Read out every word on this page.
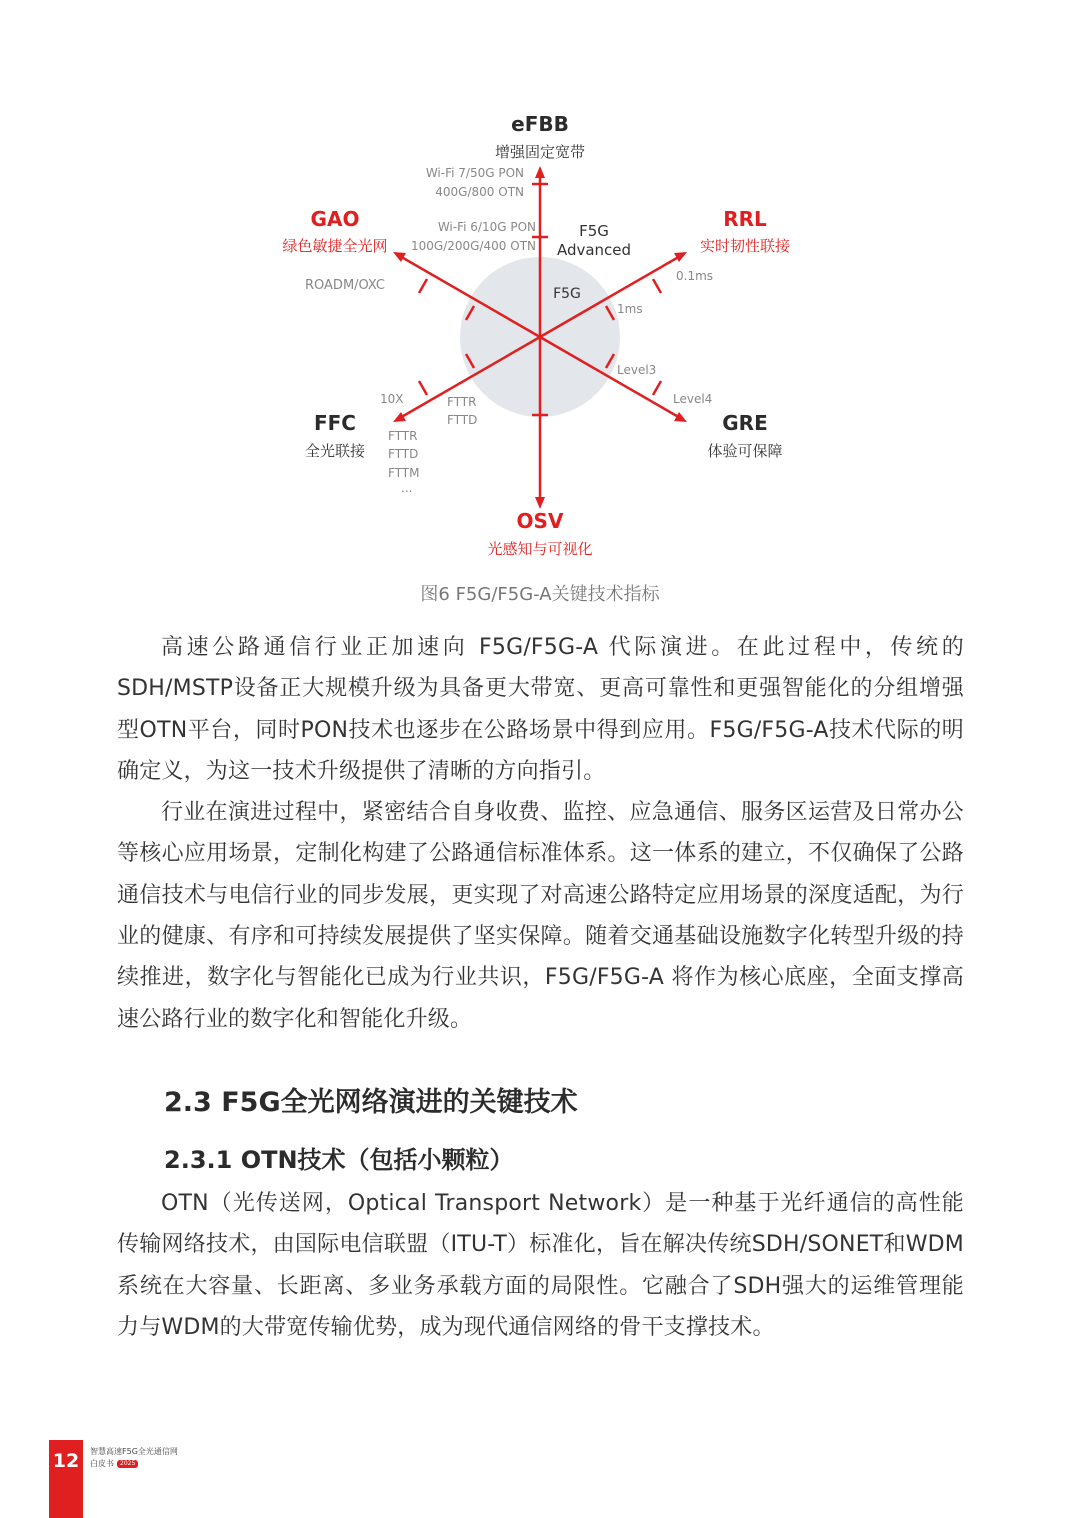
F5G
F5G
Advanced
eFBB
增强固定宽带
Wi-Fi 6/10G PON
100G/200G/400 OTN
Wi-Fi 7/50G PON
400G/800 OTN
RRL
实时韧性联接
1ms
0.1ms
GRE
体验可保障
Level3
Level4
OSV
光感知与可视化
FFC
全光联接
FTTR
FTTD
10X
FTTR
FTTD
FTTM
...
GAO
绿色敏捷全光网
ROADM/OXC
图6 F5G/F5G-A关键技术指标

高速公路通信行业正加速向 F5G/F5G-A 代际演进。在此过程中，传统的SDH/MSTP设备正大规模升级为具备更大带宽、更高可靠性和更强智能化的分组增强型OTN平台，同时PON技术也逐步在公路场景中得到应用。F5G/F5G-A技术代际的明确定义，为这一技术升级提供了清晰的方向指引。

行业在演进过程中，紧密结合自身收费、监控、应急通信、服务区运营及日常办公等核心应用场景，定制化构建了公路通信标准体系。这一体系的建立，不仅确保了公路通信技术与电信行业的同步发展，更实现了对高速公路特定应用场景的深度适配，为行业的健康、有序和可持续发展提供了坚实保障。随着交通基础设施数字化转型升级的持续推进，数字化与智能化已成为行业共识，F5G/F5G-A 将作为核心底座，全面支撑高速公路行业的数字化和智能化升级。

2.3 F5G全光网络演进的关键技术
2.3.1 OTN技术（包括小颗粒）

OTN（光传送网，Optical Transport Network）是一种基于光纤通信的高性能传输网络技术，由国际电信联盟（ITU-T）标准化，旨在解决传统SDH/SONET和WDM系统在大容量、长距离、多业务承载方面的局限性。它融合了SDH强大的运维管理能力与WDM的大带宽传输优势，成为现代通信网络的骨干支撑技术。

12	智慧高速F5G全光通信网
白皮书 2025
